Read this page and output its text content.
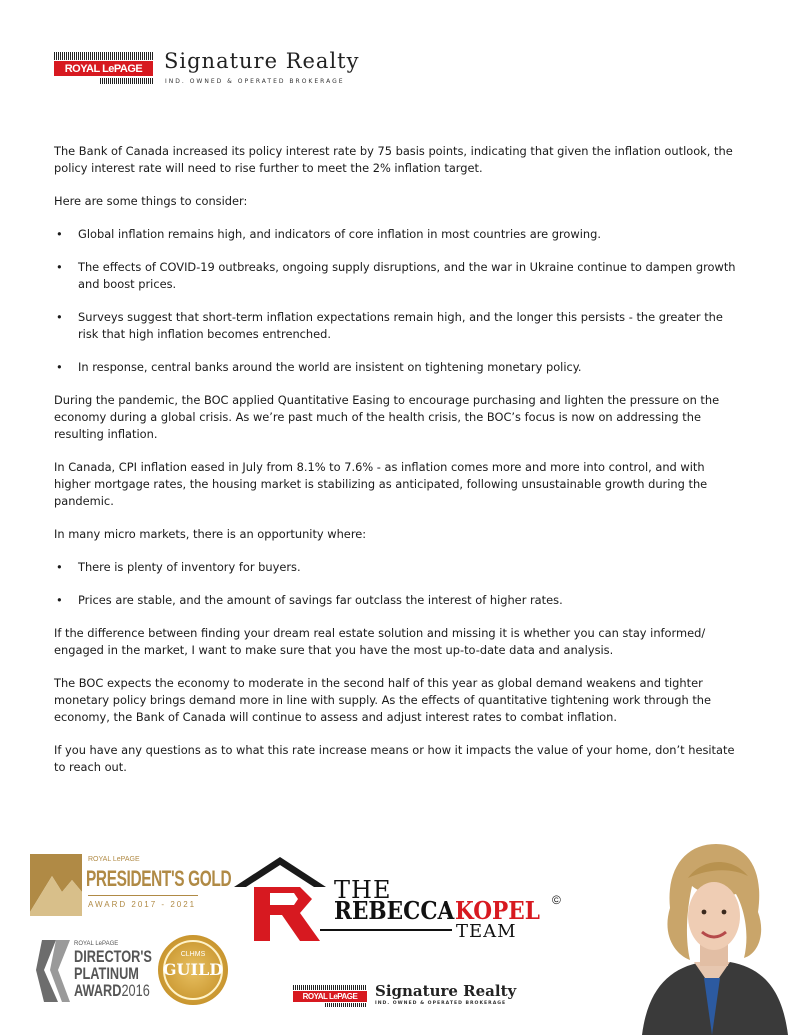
ROYAL LePAGE	Signature Realty
IND. OWNED & OPERATED BROKERAGE

The Bank of Canada increased its policy interest rate by 75 basis points, indicating that given the inflation outlook, the policy interest rate will need to rise further to meet the 2% inflation target.

Here are some things to consider:

• Global inflation remains high, and indicators of core inflation in most countries are growing.

• The effects of COVID-19 outbreaks, ongoing supply disruptions, and the war in Ukraine continue to dampen growth and boost prices.

• Surveys suggest that short-term inflation expectations remain high, and the longer this persists - the greater the risk that high inflation becomes entrenched.

• In response, central banks around the world are insistent on tightening monetary policy.

During the pandemic, the BOC applied Quantitative Easing to encourage purchasing and lighten the pressure on the economy during a global crisis. As we’re past much of the health crisis, the BOC’s focus is now on addressing the resulting inflation.

In Canada, CPI inflation eased in July from 8.1% to 7.6% - as inflation comes more and more into control, and with higher mortgage rates, the housing market is stabilizing as anticipated, following unsustainable growth during the pandemic.

In many micro markets, there is an opportunity where:

• There is plenty of inventory for buyers.

• Prices are stable, and the amount of savings far outclass the interest of higher rates.

If the difference between finding your dream real estate solution and missing it is whether you can stay informed/ engaged in the market, I want to make sure that you have the most up-to-date data and analysis.

The BOC expects the economy to moderate in the second half of this year as global demand weakens and tighter monetary policy brings demand more in line with supply. As the effects of quantitative tightening work through the economy, the Bank of Canada will continue to assess and adjust interest rates to combat inflation.

If you have any questions as to what this rate increase means or how it impacts the value of your home, don’t hesitate to reach out.

ROYAL LePAGE
PRESIDENT'S GOLD
AWARD 2017 - 2021
ROYAL LePAGE
DIRECTOR'S
PLATINUM
AWARD2016
CLHMS
GUILD
THE
REBECCA KOPEL ©
TEAM
ROYAL LePAGE	Signature Realty
IND. OWNED & OPERATED BROKERAGE
